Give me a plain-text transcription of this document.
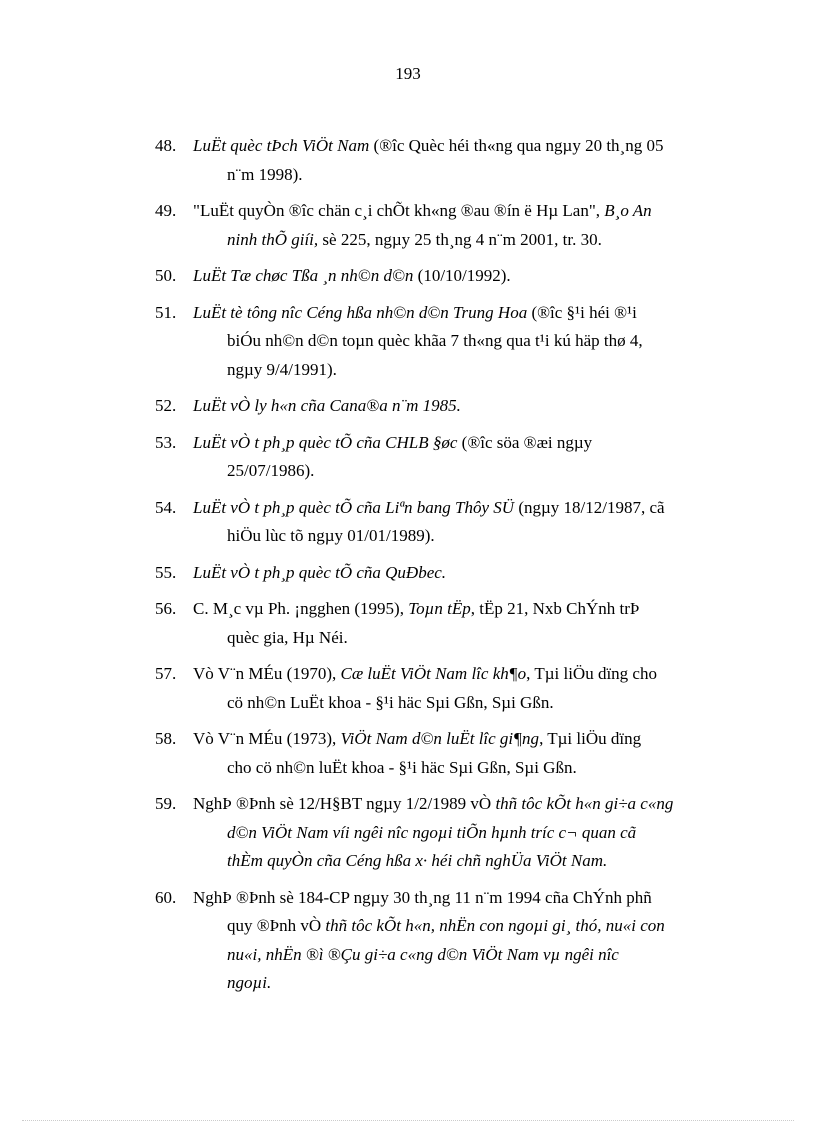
193
48. LuËt quèc tÞch ViÖt Nam (®îc Quèc héi th«ng qua ngµy 20 th¸ng 05
n¨m 1998).
49. "LuËt quyÒn ®îc chän c¸i chÕt kh«ng ®au ®ín ë Hµ Lan", B¸o An
ninh thÕ giíi, sè 225, ngµy 25 th¸ng 4 n¨m 2001, tr. 30.
50. LuËt Tæ chøc Tßa ¸n nh©n d©n (10/10/1992).
51. LuËt tè tông nîc Céng hßa nh©n d©n Trung Hoa (®îc §¹i héi ®¹i
biÓu nh©n d©n toµn quèc khãa 7 th«ng qua t¹i kú häp thø 4,
ngµy 9/4/1991).
52. LuËt vÒ ly h«n cña Cana®a n¨m 1985.
53. LuËt vÒ t ph¸p quèc tÕ cña CHLB §øc (®îc söa ®æi ngµy
25/07/1986).
54. LuËt vÒ t ph¸p quèc tÕ cña Liªn bang Thôy SÜ (ngµy 18/12/1987, cã
hiÖu lùc tõ ngµy 01/01/1989).
55. LuËt vÒ t ph¸p quèc tÕ cña QuÐbec.
56. C. M¸c vµ Ph. ¡ngghen (1995), Toµn tËp, tËp 21, Nxb ChÝnh trÞ
quèc gia, Hµ Néi.
57. Vò V¨n MÉu (1970), Cæ luËt ViÖt Nam lîc kh¶o, Tµi liÖu dïng cho
cö nh©n LuËt khoa - §¹i häc Sµi Gßn, Sµi Gßn.
58. Vò V¨n MÉu (1973), ViÖt Nam d©n luËt lîc gi¶ng, Tµi liÖu dïng
cho cö nh©n luËt khoa - §¹i häc Sµi Gßn, Sµi Gßn.
59. NghÞ ®Þnh sè 12/H§BT ngµy 1/2/1989 vÒ thñ tôc kÕt h«n gi÷a c«ng
d©n ViÖt Nam víi ngêi nîc ngoµi tiÕn hµnh tríc c¬ quan cã
thÈm quyÒn cña Céng hßa x· héi chñ nghÜa ViÖt Nam.
60. NghÞ ®Þnh sè 184-CP ngµy 30 th¸ng 11 n¨m 1994 cña ChÝnh phñ
quy ®Þnh vÒ thñ tôc kÕt h«n, nhËn con ngoµi gi¸ thó, nu«i con
nu«i, nhËn ®ì ®Çu gi÷a c«ng d©n ViÖt Nam vµ ngêi nîc
ngoµi.
